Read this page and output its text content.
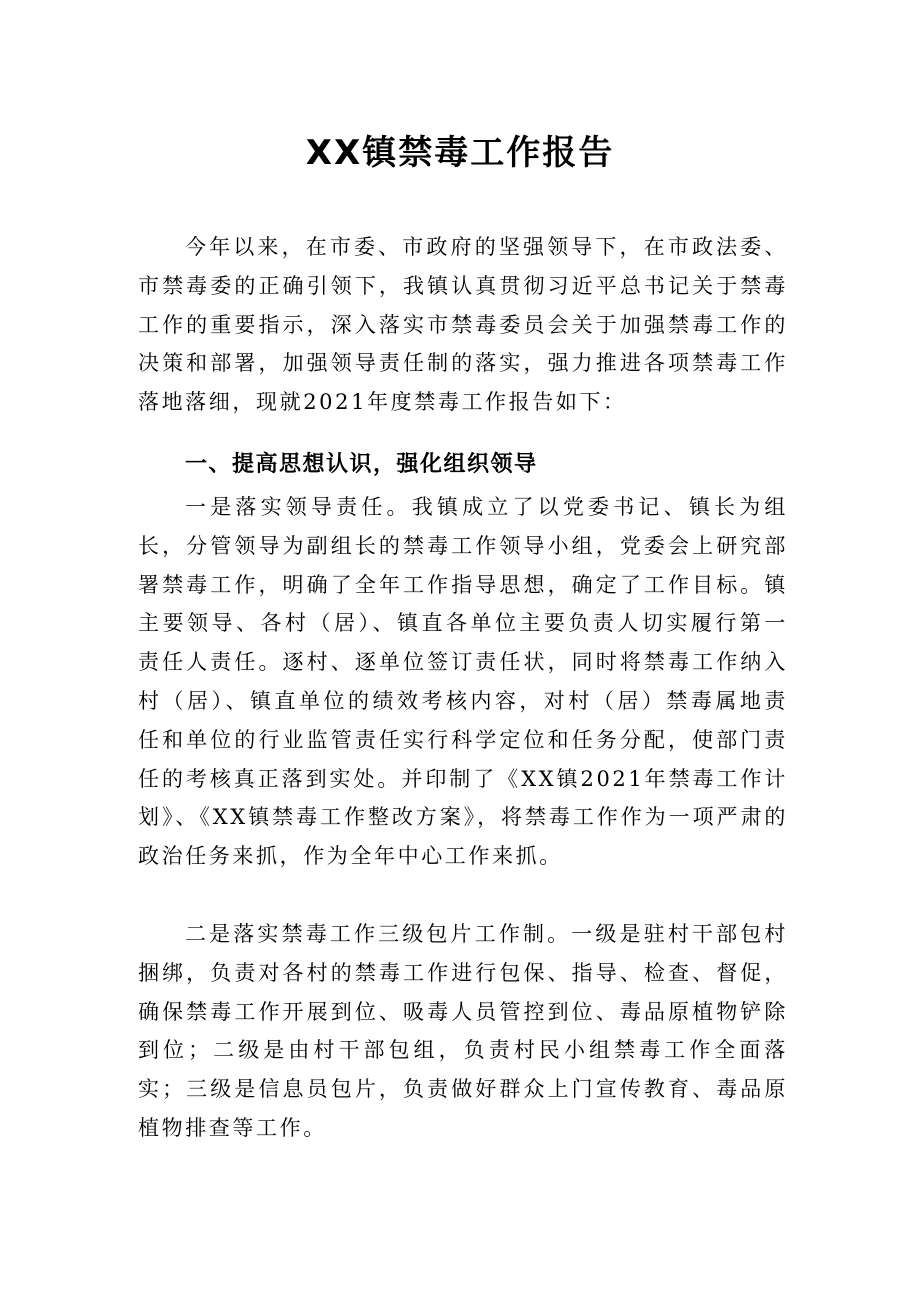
XX镇禁毒工作报告

今年以来，在市委、市政府的坚强领导下，在市政法委、市禁毒委的正确引领下，我镇认真贯彻习近平总书记关于禁毒工作的重要指示，深入落实市禁毒委员会关于加强禁毒工作的决策和部署，加强领导责任制的落实，强力推进各项禁毒工作落地落细，现就2021年度禁毒工作报告如下：

一、提高思想认识，强化组织领导

一是落实领导责任。我镇成立了以党委书记、镇长为组长，分管领导为副组长的禁毒工作领导小组，党委会上研究部署禁毒工作，明确了全年工作指导思想，确定了工作目标。镇主要领导、各村（居）、镇直各单位主要负责人切实履行第一责任人责任。逐村、逐单位签订责任状，同时将禁毒工作纳入村（居）、镇直单位的绩效考核内容，对村（居）禁毒属地责任和单位的行业监管责任实行科学定位和任务分配，使部门责任的考核真正落到实处。并印制了《XX镇2021年禁毒工作计划》、《XX镇禁毒工作整改方案》，将禁毒工作作为一项严肃的政治任务来抓，作为全年中心工作来抓。

二是落实禁毒工作三级包片工作制。一级是驻村干部包村捆绑，负责对各村的禁毒工作进行包保、指导、检查、督促，确保禁毒工作开展到位、吸毒人员管控到位、毒品原植物铲除到位；二级是由村干部包组，负责村民小组禁毒工作全面落实；三级是信息员包片，负责做好群众上门宣传教育、毒品原植物排查等工作。
